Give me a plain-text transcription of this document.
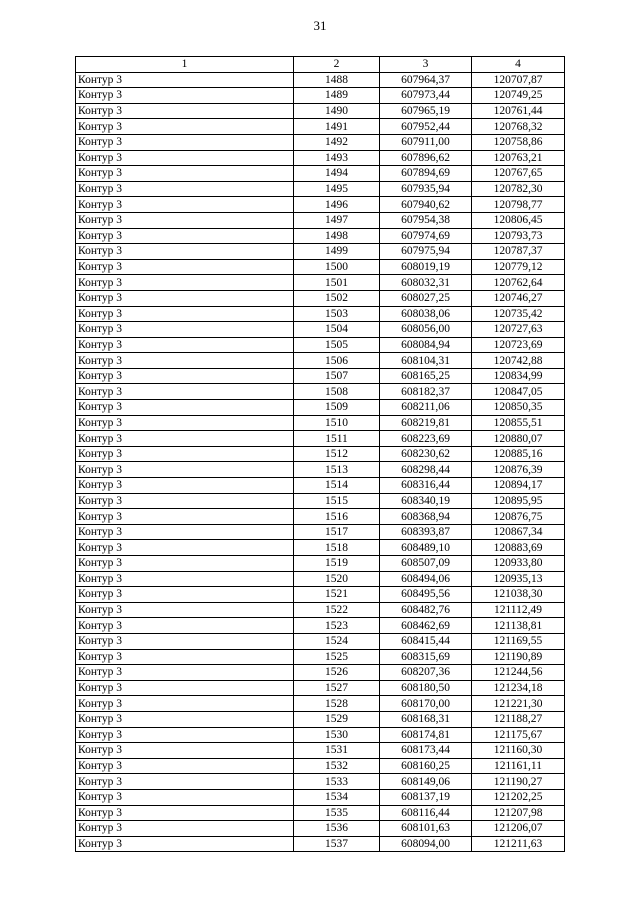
31
1	2	3	4
Контур 3	1488	607964,37	120707,87
Контур 3	1489	607973,44	120749,25
Контур 3	1490	607965,19	120761,44
Контур 3	1491	607952,44	120768,32
Контур 3	1492	607911,00	120758,86
Контур 3	1493	607896,62	120763,21
Контур 3	1494	607894,69	120767,65
Контур 3	1495	607935,94	120782,30
Контур 3	1496	607940,62	120798,77
Контур 3	1497	607954,38	120806,45
Контур 3	1498	607974,69	120793,73
Контур 3	1499	607975,94	120787,37
Контур 3	1500	608019,19	120779,12
Контур 3	1501	608032,31	120762,64
Контур 3	1502	608027,25	120746,27
Контур 3	1503	608038,06	120735,42
Контур 3	1504	608056,00	120727,63
Контур 3	1505	608084,94	120723,69
Контур 3	1506	608104,31	120742,88
Контур 3	1507	608165,25	120834,99
Контур 3	1508	608182,37	120847,05
Контур 3	1509	608211,06	120850,35
Контур 3	1510	608219,81	120855,51
Контур 3	1511	608223,69	120880,07
Контур 3	1512	608230,62	120885,16
Контур 3	1513	608298,44	120876,39
Контур 3	1514	608316,44	120894,17
Контур 3	1515	608340,19	120895,95
Контур 3	1516	608368,94	120876,75
Контур 3	1517	608393,87	120867,34
Контур 3	1518	608489,10	120883,69
Контур 3	1519	608507,09	120933,80
Контур 3	1520	608494,06	120935,13
Контур 3	1521	608495,56	121038,30
Контур 3	1522	608482,76	121112,49
Контур 3	1523	608462,69	121138,81
Контур 3	1524	608415,44	121169,55
Контур 3	1525	608315,69	121190,89
Контур 3	1526	608207,36	121244,56
Контур 3	1527	608180,50	121234,18
Контур 3	1528	608170,00	121221,30
Контур 3	1529	608168,31	121188,27
Контур 3	1530	608174,81	121175,67
Контур 3	1531	608173,44	121160,30
Контур 3	1532	608160,25	121161,11
Контур 3	1533	608149,06	121190,27
Контур 3	1534	608137,19	121202,25
Контур 3	1535	608116,44	121207,98
Контур 3	1536	608101,63	121206,07
Контур 3	1537	608094,00	121211,63
